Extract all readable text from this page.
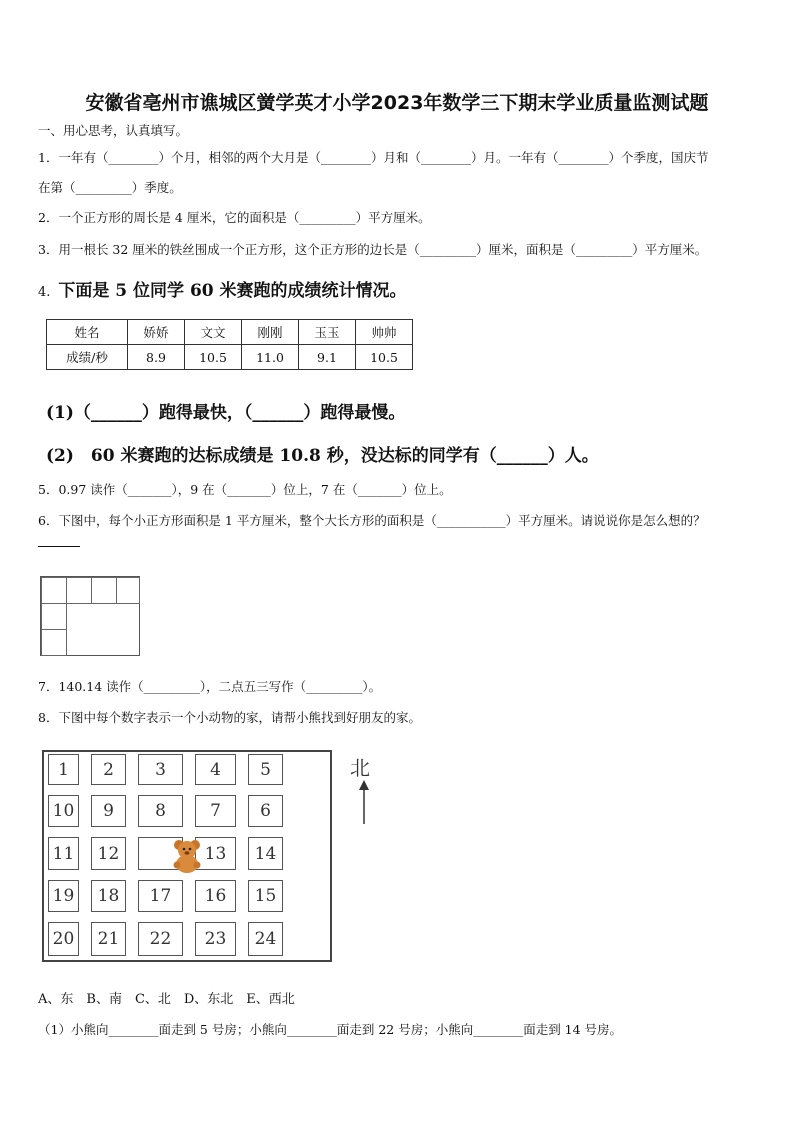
安徽省亳州市谯城区黉学英才小学2023年数学三下期末学业质量监测试题
一、用心思考，认真填写。
1．一年有（________）个月，相邻的两个大月是（________）月和（________）月。一年有（________）个季度，国庆节
在第（_________）季度。
2．一个正方形的周长是 4 厘米，它的面积是（_________）平方厘米。
3．用一根长 32 厘米的铁丝围成一个正方形，这个正方形的边长是（_________）厘米，面积是（_________）平方厘米。
4. 下面是 5 位同学 60 米赛跑的成绩统计情况。
姓名	娇娇	文文	刚刚	玉玉	帅帅
成绩/秒	8.9	10.5	11.0	9.1	10.5
(1)（______）跑得最快，（______）跑得最慢。
(2)　60 米赛跑的达标成绩是 10.8 秒，没达标的同学有（______）人。
5．0.97 读作（_______），9 在（_______）位上，7 在（_______）位上。
6．下图中，每个小正方形面积是 1 平方厘米，整个大长方形的面积是（___________）平方厘米。请说说你是怎么想的？
7．140.14 读作（_________），二点五三写作（_________）。
8．下图中每个数字表示一个小动物的家，请帮小熊找到好朋友的家。
1	2	3	4	5
10	9	8	7	6
11	12	13	14
19	18	17	16	15
20	21	22	23	24
北
A、东　B、南　C、北　D、东北　E、西北
（1）小熊向________面走到 5 号房；小熊向________面走到 22 号房；小熊向________面走到 14 号房。
